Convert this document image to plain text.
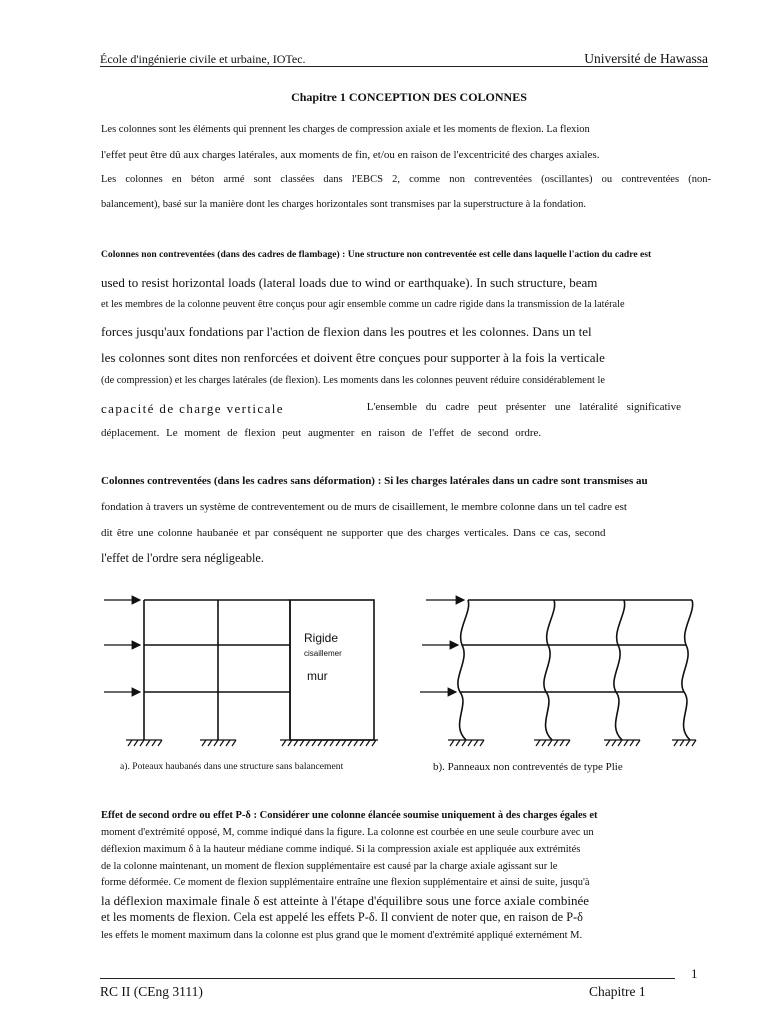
École d'ingénierie civile et urbaine, IOTec.	Université de Hawassa
Chapitre 1 CONCEPTION DES COLONNES
Les colonnes sont les éléments qui prennent les charges de compression axiale et les moments de flexion. La flexion
l'effet peut être dû aux charges latérales, aux moments de fin, et/ou en raison de l'excentricité des charges axiales.
Les colonnes en béton armé sont classées dans l'EBCS 2, comme non contreventées (oscillantes) ou contreventées (non-
balancement), basé sur la manière dont les charges horizontales sont transmises par la superstructure à la fondation.
Colonnes non contreventées (dans des cadres de flambage) : Une structure non contreventée est celle dans laquelle l'action du cadre est
used to resist horizontal loads (lateral loads due to wind or earthquake). In such structure, beam
et les membres de la colonne peuvent être conçus pour agir ensemble comme un cadre rigide dans la transmission de la latérale
forces jusqu'aux fondations par l'action de flexion dans les poutres et les colonnes. Dans un tel
les colonnes sont dites non renforcées et doivent être conçues pour supporter à la fois la verticale
(de compression) et les charges latérales (de flexion). Les moments dans les colonnes peuvent réduire considérablement le
capacité de charge verticale	L'ensemble du cadre peut présenter une latéralité significative
déplacement. Le moment de flexion peut augmenter en raison de l'effet de second ordre.
Colonnes contreventées (dans les cadres sans déformation) : Si les charges latérales dans un cadre sont transmises au
fondation à travers un système de contreventement ou de murs de cisaillement, le membre colonne dans un tel cadre est
dit être une colonne haubanée et par conséquent ne supporter que des charges verticales. Dans ce cas, second
l'effet de l'ordre sera négligeable.
Rigide
cisaillemer
mur
a). Poteaux haubanés dans une structure sans balancement	b). Panneaux non contreventés de type Plie
Effet de second ordre ou effet P-δ : Considérer une colonne élancée soumise uniquement à des charges égales et
moment d'extrémité opposé, M, comme indiqué dans la figure. La colonne est courbée en une seule courbure avec un
déflexion maximum δ à la hauteur médiane comme indiqué. Si la compression axiale est appliquée aux extrémités
de la colonne maintenant, un moment de flexion supplémentaire est causé par la charge axiale agissant sur le
forme déformée. Ce moment de flexion supplémentaire entraîne une flexion supplémentaire et ainsi de suite, jusqu'à
la déflexion maximale finale δ est atteinte à l'étape d'équilibre sous une force axiale combinée
et les moments de flexion. Cela est appelé les effets P-δ. Il convient de noter que, en raison de P-δ
les effets le moment maximum dans la colonne est plus grand que le moment d'extrémité appliqué externément M.
1
RC II (CEng 3111)	Chapitre 1
